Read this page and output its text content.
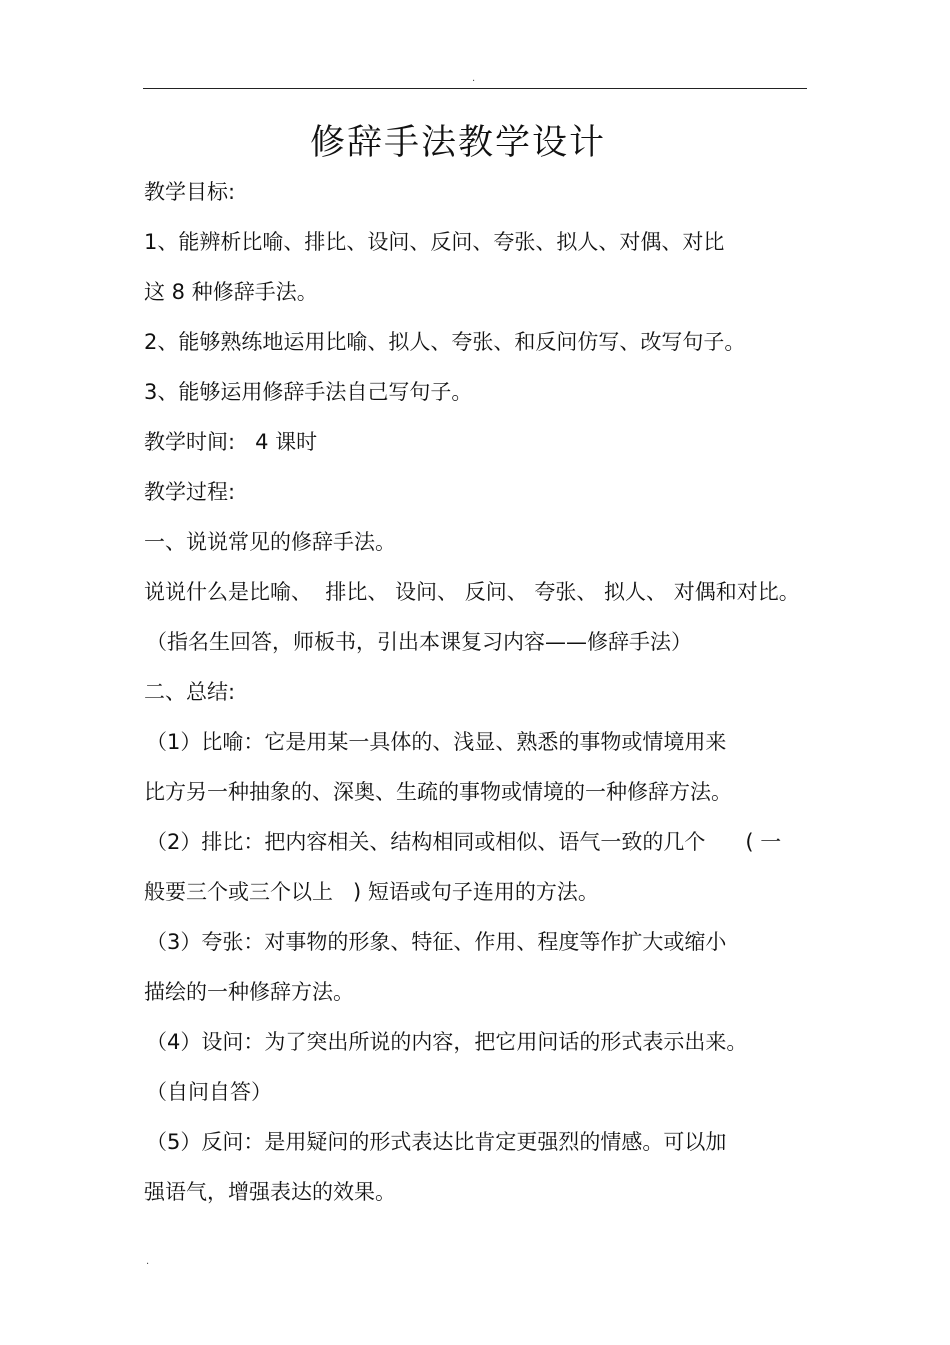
.
修辞手法教学设计
教学目标:
1、能辨析比喻、排比、设问、反问、夸张、拟人、对偶、对比
这 8 种修辞手法。
2、能够熟练地运用比喻、拟人、夸张、和反问仿写、改写句子。
3、能够运用修辞手法自己写句子。
教学时间:   4 课时
教学过程:
一、说说常见的修辞手法。
说说什么是比喻、  排比、 设问、 反问、 夸张、 拟人、 对偶和对比。
（指名生回答，师板书，引出本课复习内容——修辞手法）
二、总结:
（1）比喻：它是用某一具体的、浅显、熟悉的事物或情境用来
比方另一种抽象的、深奥、生疏的事物或情境的一种修辞方法。
（2）排比：把内容相关、结构相同或相似、语气一致的几个      ( 一
般要三个或三个以上   ) 短语或句子连用的方法。
（3）夸张：对事物的形象、特征、作用、程度等作扩大或缩小
描绘的一种修辞方法。
（4）设问：为了突出所说的内容，把它用问话的形式表示出来。
（自问自答）
（5）反问：是用疑问的形式表达比肯定更强烈的情感。可以加
强语气，增强表达的效果。
.
